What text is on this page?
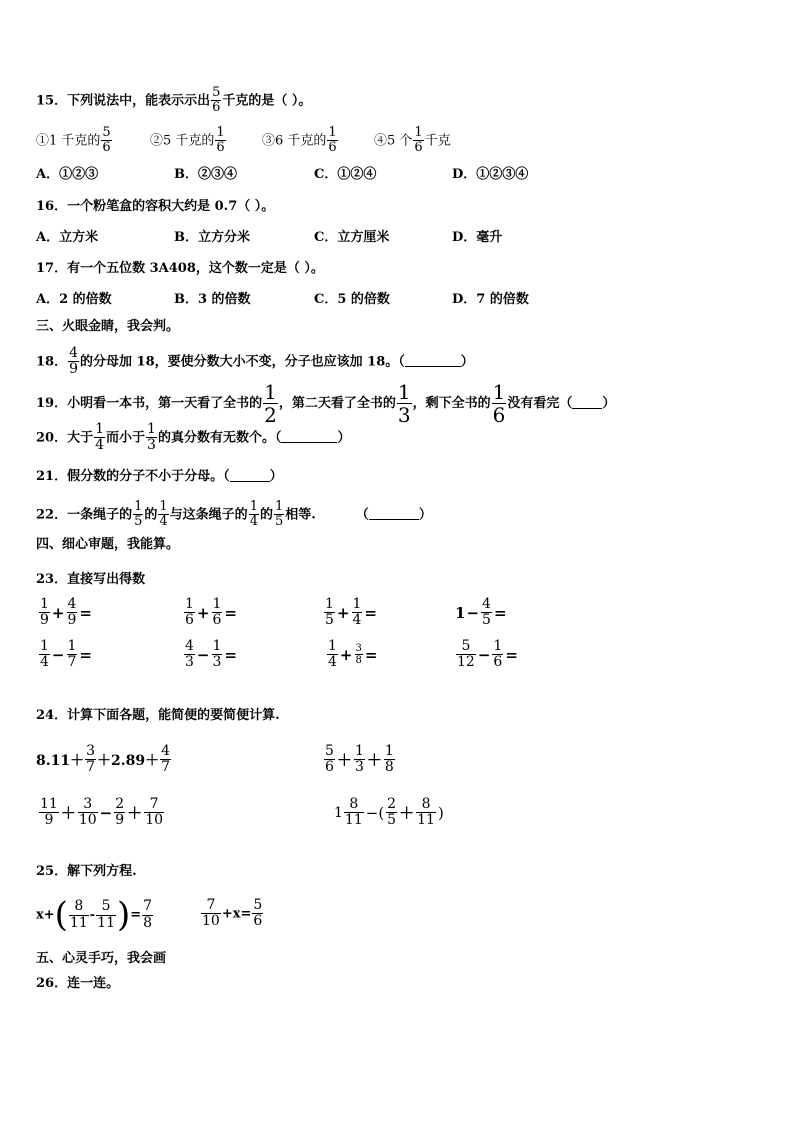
15．下列说法中，能表示示出 $\frac{5}{6}$ 千克的是（ ）。
①1 千克的 $\frac{5}{6}$	②5 千克的 $\frac{1}{6}$	③6 千克的 $\frac{1}{6}$	④5 个 $\frac{1}{6}$ 千克
A．①②③	B．②③④	C．①②④	D．①②③④
16．一个粉笔盒的容积大约是 0.7（ ）。
A．立方米	B．立方分米	C．立方厘米	D．毫升
17．有一个五位数 3A408，这个数一定是（ ）。
A．2 的倍数	B．3 的倍数	C．5 的倍数	D．7 的倍数
三、火眼金睛，我会判。
18． $\frac{4}{9}$ 的分母加 18，要使分数大小不变，分子也应该加 18。（	）
19．小明看一本书，第一天看了全书的 $\frac{1}{2}$ ，第二天看了全书的 $\frac{1}{3}$ ，剩下全书的 $\frac{1}{6}$ 没有看完（ ）
20．大于 $\frac{1}{4}$ 而小于 $\frac{1}{3}$ 的真分数有无数个。（	）
21．假分数的分子不小于分母。（	）
22．一条绳子的 $\frac{1}{5}$ 的 $\frac{1}{4}$ 与这条绳子的 $\frac{1}{4}$ 的 $\frac{1}{5}$ 相等.	（	）
四、细心审题，我能算。
23．直接写出得数
$\frac{1}{9} + \frac{4}{9}$ =	$\frac{1}{6} + \frac{1}{6}$ =	$\frac{1}{5} + \frac{1}{4}$ =	$1- \frac{4}{5}$ =
$\frac{1}{4} - \frac{1}{7}$ =	$\frac{4}{3} - \frac{1}{3}$ =	$\frac{1}{4} + \frac{3}{8}$ =	$\frac{5}{12} - \frac{1}{6}$ =
24．计算下面各题，能简便的要简便计算.
$8.11+ \frac{3}{7} +2.89+ \frac{4}{7}$	$\frac{5}{6} + \frac{1}{3} + \frac{1}{8}$
$\frac{11}{9} + \frac{3}{10} - \frac{2}{9} + \frac{7}{10}$	$1 \frac{8}{11}$ −( $\frac{2}{5} + \frac{8}{11}$ )
25．解下列方程.
$x+( \frac{8}{11} - \frac{5}{11}$ )= $\frac{7}{8}$	$\frac{7}{10} +x= \frac{5}{6}$
五、心灵手巧，我会画
26．连一连。
